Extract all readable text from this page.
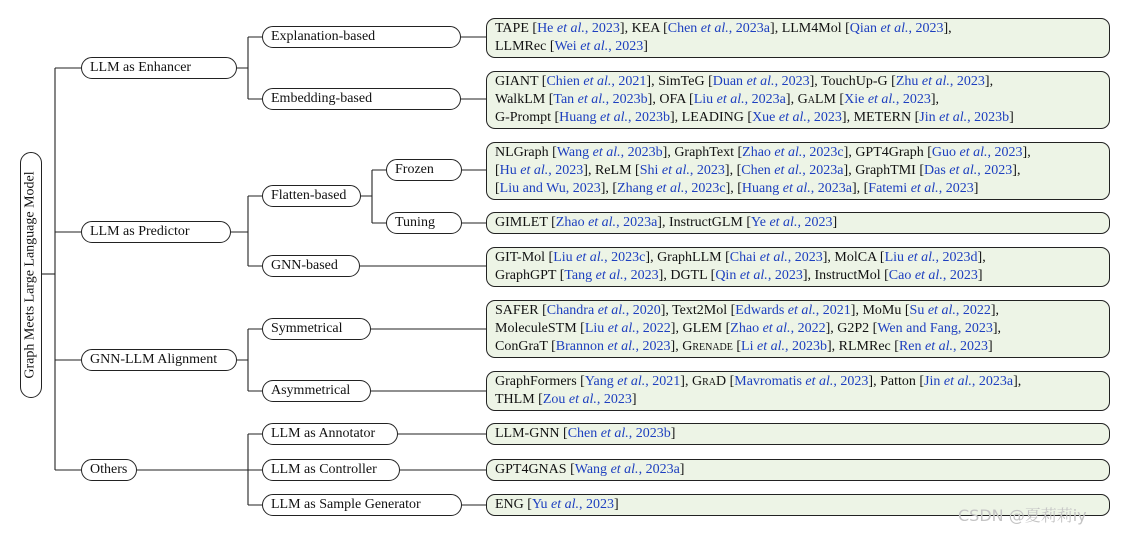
Graph Meets Large Language Model
LLM as Enhancer
LLM as Predictor
GNN-LLM Alignment
Others
Explanation-based
Embedding-based
Flatten-based
GNN-based
Frozen
Tuning
Symmetrical
Asymmetrical
LLM as Annotator
LLM as Controller
LLM as Sample Generator
TAPE [He et al., 2023], KEA [Chen et al., 2023a], LLM4Mol [Qian et al., 2023],
LLMRec [Wei et al., 2023]
GIANT [Chien et al., 2021], SimTeG [Duan et al., 2023], TouchUp-G [Zhu et al., 2023],
WalkLM [Tan et al., 2023b], OFA [Liu et al., 2023a], GaLM [Xie et al., 2023],
G-Prompt [Huang et al., 2023b], LEADING [Xue et al., 2023], METERN [Jin et al., 2023b]
NLGraph [Wang et al., 2023b], GraphText [Zhao et al., 2023c], GPT4Graph [Guo et al., 2023],
[Hu et al., 2023], ReLM [Shi et al., 2023], [Chen et al., 2023a], GraphTMI [Das et al., 2023],
[Liu and Wu, 2023], [Zhang et al., 2023c], [Huang et al., 2023a], [Fatemi et al., 2023]
GIMLET [Zhao et al., 2023a], InstructGLM [Ye et al., 2023]
GIT-Mol [Liu et al., 2023c], GraphLLM [Chai et al., 2023], MolCA [Liu et al., 2023d],
GraphGPT [Tang et al., 2023], DGTL [Qin et al., 2023], InstructMol [Cao et al., 2023]
SAFER [Chandra et al., 2020], Text2Mol [Edwards et al., 2021], MoMu [Su et al., 2022],
MoleculeSTM [Liu et al., 2022], GLEM [Zhao et al., 2022], G2P2 [Wen and Fang, 2023],
ConGraT [Brannon et al., 2023], Grenade [Li et al., 2023b], RLMRec [Ren et al., 2023]
GraphFormers [Yang et al., 2021], GraD [Mavromatis et al., 2023], Patton [Jin et al., 2023a],
THLM [Zou et al., 2023]
LLM-GNN [Chen et al., 2023b]
GPT4GNAS [Wang et al., 2023a]
ENG [Yu et al., 2023]
CSDN @夏莉莉iy
